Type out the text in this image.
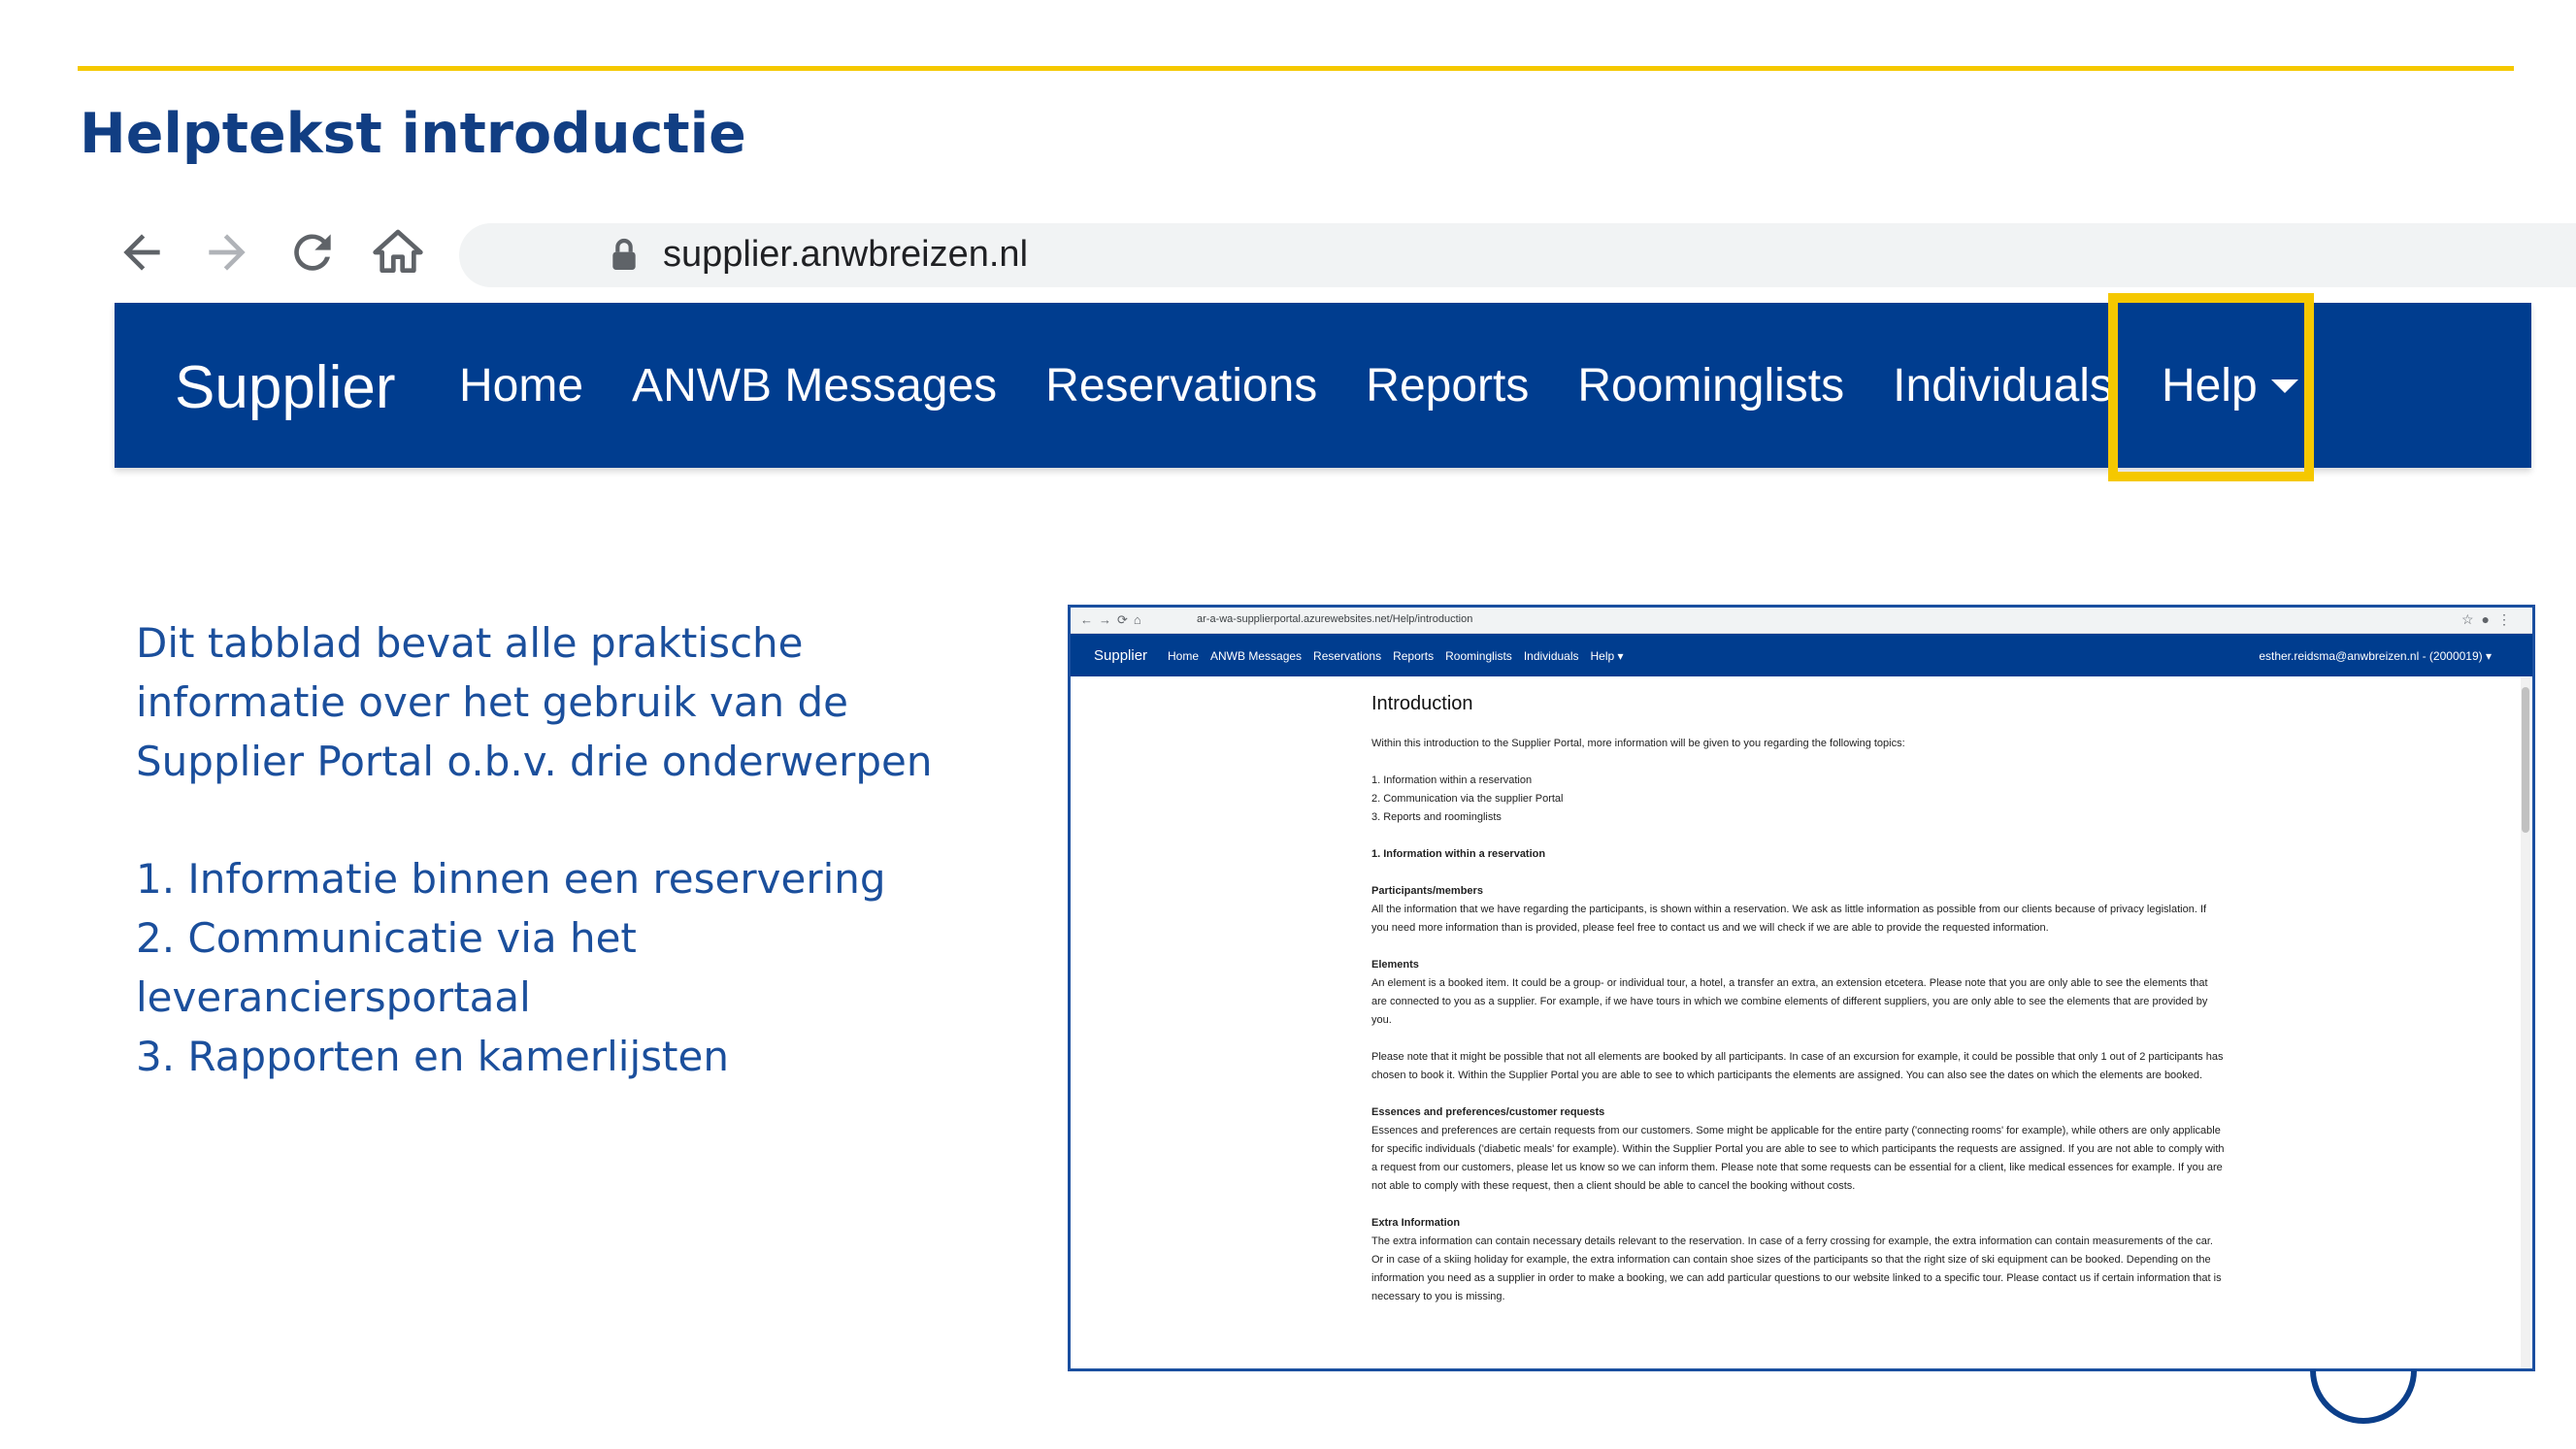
Helptekst introductie
supplier.anwbreizen.nl
Supplier Home ANWB Messages Reservations Reports Roominglists Individuals Help

Dit tabblad bevat alle praktische informatie over het gebruik van de Supplier Portal o.b.v. drie onderwerpen

1. Informatie binnen een reservering

2. Communicatie via het leveranciersportaal

3. Rapporten en kamerlijsten

←→⟳⌂	ar-a-wa-supplierportal.azurewebsites.net/Help/introduction	☆●⋮
Supplier Home ANWB Messages Reservations Reports Roominglists Individuals Help ▾	esther.reidsma@anwbreizen.nl - (2000019) ▾
Introduction

Within this introduction to the Supplier Portal, more information will be given to you regarding the following topics:

1. Information within a reservation

2. Communication via the supplier Portal

3. Reports and roominglists

1. Information within a reservation

Participants/members

All the information that we have regarding the participants, is shown within a reservation. We ask as little information as possible from our clients because of privacy legislation. If you need more information than is provided, please feel free to contact us and we will check if we are able to provide the requested information.

Elements

An element is a booked item. It could be a group- or individual tour, a hotel, a transfer an extra, an extension etcetera. Please note that you are only able to see the elements that are connected to you as a supplier. For example, if we have tours in which we combine elements of different suppliers, you are only able to see the elements that are provided by you.

Please note that it might be possible that not all elements are booked by all participants. In case of an excursion for example, it could be possible that only 1 out of 2 participants has chosen to book it. Within the Supplier Portal you are able to see to which participants the elements are assigned. You can also see the dates on which the elements are booked.

Essences and preferences/customer requests

Essences and preferences are certain requests from our customers. Some might be applicable for the entire party ('connecting rooms' for example), while others are only applicable for specific individuals ('diabetic meals' for example). Within the Supplier Portal you are able to see to which participants the requests are assigned. If you are not able to comply with a request from our customers, please let us know so we can inform them. Please note that some requests can be essential for a client, like medical essences for example. If you are not able to comply with these request, then a client should be able to cancel the booking without costs.

Extra Information

The extra information can contain necessary details relevant to the reservation. In case of a ferry crossing for example, the extra information can contain measurements of the car. Or in case of a skiing holiday for example, the extra information can contain shoe sizes of the participants so that the right size of ski equipment can be booked. Depending on the information you need as a supplier in order to make a booking, we can add particular questions to our website linked to a specific tour. Please contact us if certain information that is necessary to you is missing.
